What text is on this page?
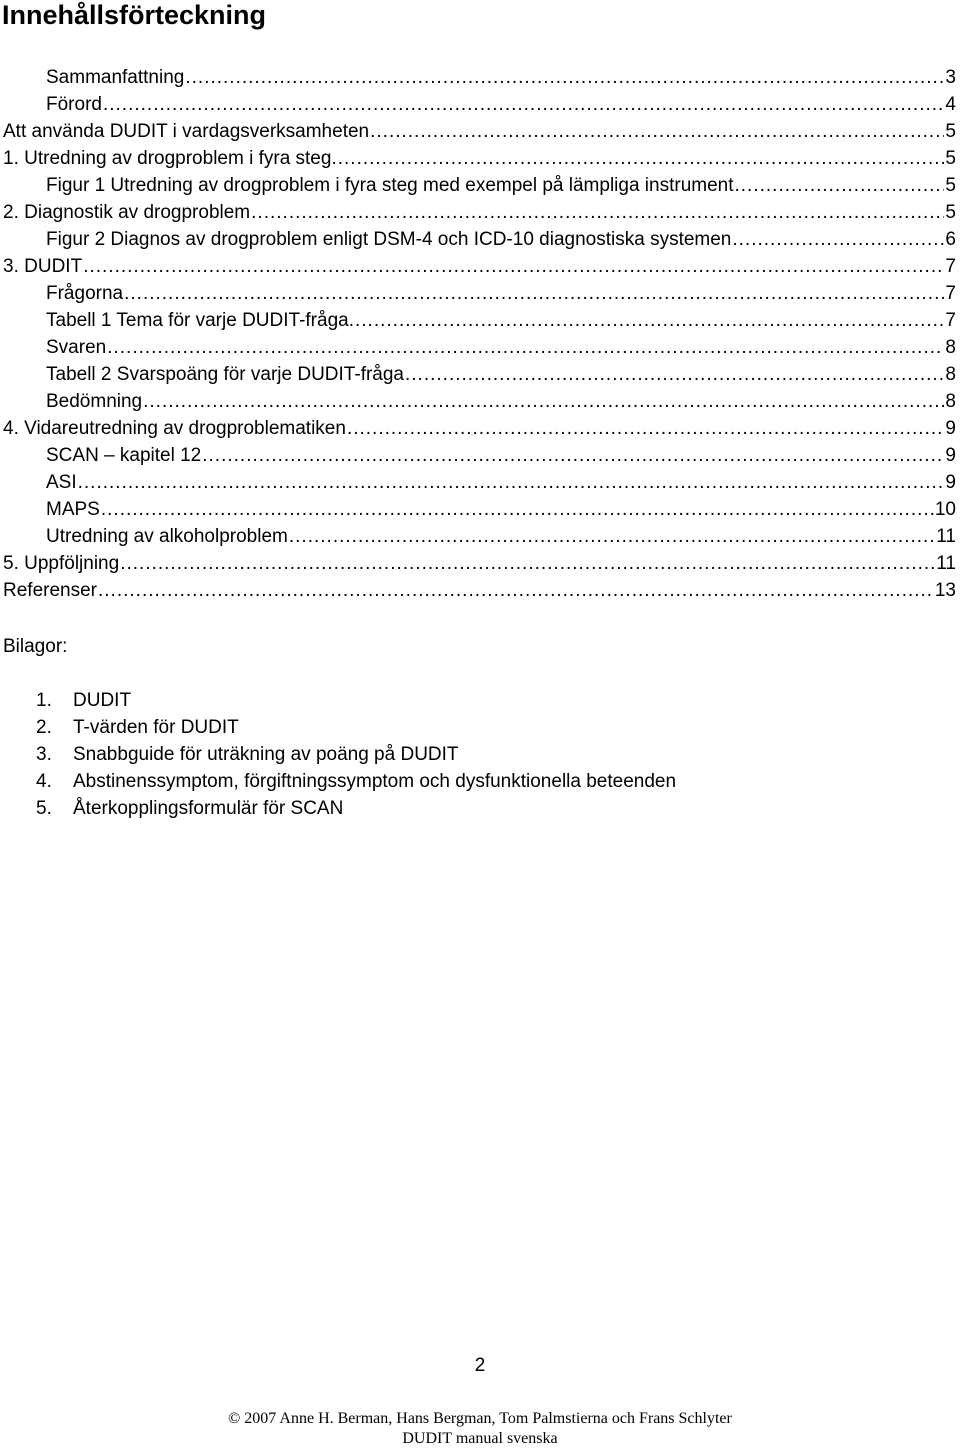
Innehållsförteckning
Sammanfattning .....	3
Förord .....	4
Att använda DUDIT i vardagsverksamheten .....	5
1. Utredning av drogproblem i fyra steg. .....	5
Figur 1 Utredning av drogproblem i fyra steg med exempel på lämpliga instrument .....	5
2. Diagnostik av drogproblem .....	5
Figur 2 Diagnos av drogproblem enligt DSM-4 och ICD-10 diagnostiska systemen .....	6
3. DUDIT .....	7
Frågorna .....	7
Tabell 1 Tema för varje DUDIT-fråga. .....	7
Svaren .....	8
Tabell 2 Svarspoäng för varje DUDIT-fråga .....	8
Bedömning .....	8
4. Vidareutredning av drogproblematiken .....	9
SCAN – kapitel 12 .....	9
ASI .....	9
MAPS .....	10
Utredning av alkoholproblem .....	11
5. Uppföljning .....	11
Referenser .....	13
Bilagor:
1.	DUDIT
2.	T-värden för DUDIT
3.	Snabbguide för uträkning av poäng på DUDIT
4.	Abstinenssymptom, förgiftningssymptom och dysfunktionella beteenden
5.	Återkopplingsformulär för SCAN
2
© 2007 Anne H. Berman, Hans Bergman, Tom Palmstierna och Frans Schlyter
DUDIT manual svenska
